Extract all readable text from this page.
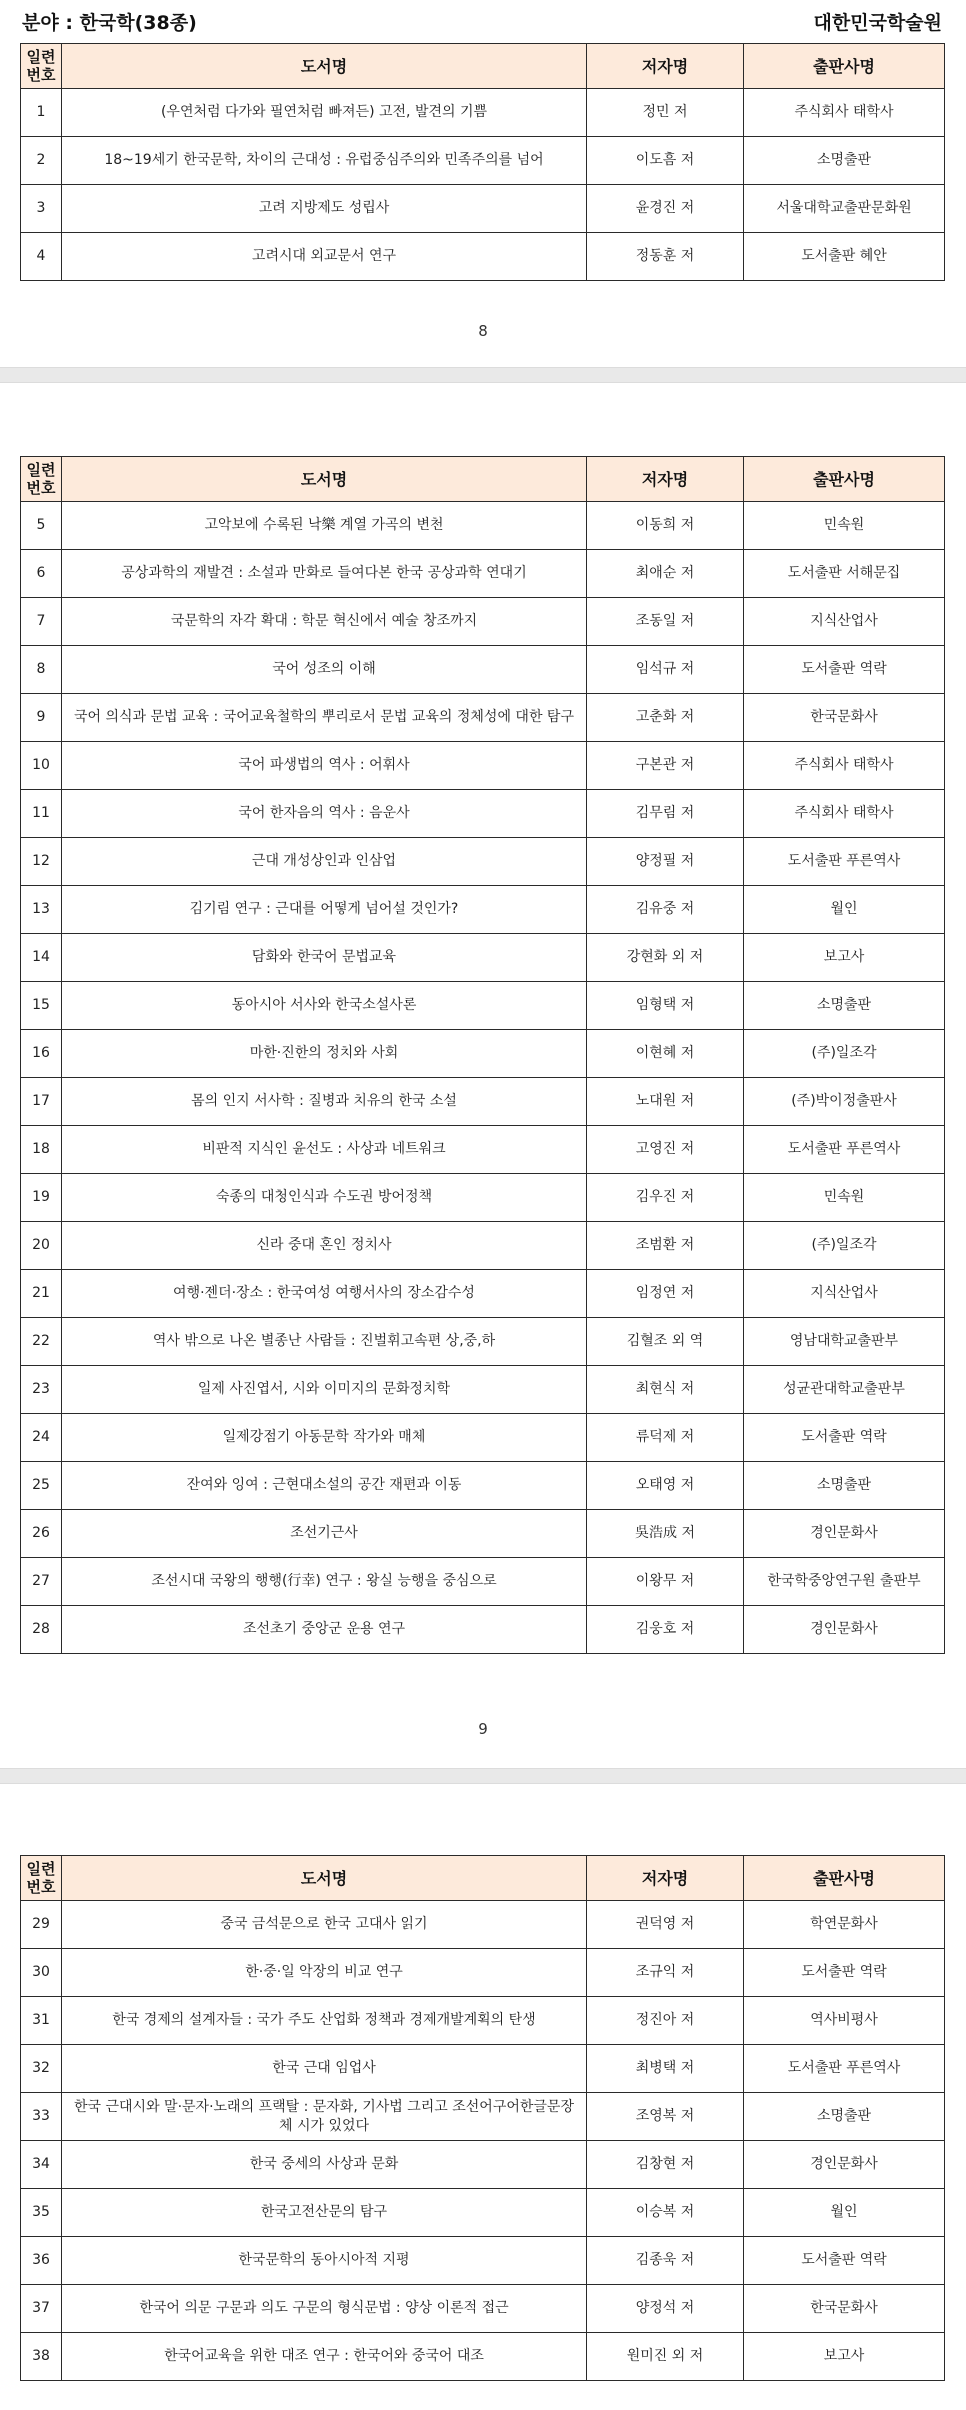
분야 : 한국학(38종)	대한민국학술원
일련
번호	도서명	저자명	출판사명
1	(우연처럼 다가와 필연처럼 빠져든) 고전, 발견의 기쁨	정민 저	주식회사 태학사
2	18~19세기 한국문학, 차이의 근대성 : 유럽중심주의와 민족주의를 넘어	이도흠 저	소명출판
3	고려 지방제도 성립사	윤경진 저	서울대학교출판문화원
4	고려시대 외교문서 연구	정동훈 저	도서출판 혜안
8
일련
번호	도서명	저자명	출판사명
5	고악보에 수록된 낙樂 계열 가곡의 변천	이동희 저	민속원
6	공상과학의 재발견 : 소설과 만화로 들여다본 한국 공상과학 연대기	최애순 저	도서출판 서해문집
7	국문학의 자각 확대 : 학문 혁신에서 예술 창조까지	조동일 저	지식산업사
8	국어 성조의 이해	임석규 저	도서출판 역락
9	국어 의식과 문법 교육 : 국어교육철학의 뿌리로서 문법 교육의 정체성에 대한 탐구	고춘화 저	한국문화사
10	국어 파생법의 역사 : 어휘사	구본관 저	주식회사 태학사
11	국어 한자음의 역사 : 음운사	김무림 저	주식회사 태학사
12	근대 개성상인과 인삼업	양정필 저	도서출판 푸른역사
13	김기림 연구 : 근대를 어떻게 넘어설 것인가?	김유중 저	월인
14	담화와 한국어 문법교육	강현화 외 저	보고사
15	동아시아 서사와 한국소설사론	임형택 저	소명출판
16	마한·진한의 정치와 사회	이현혜 저	(주)일조각
17	몸의 인지 서사학 : 질병과 치유의 한국 소설	노대원 저	(주)박이정출판사
18	비판적 지식인 윤선도 : 사상과 네트워크	고영진 저	도서출판 푸른역사
19	숙종의 대청인식과 수도권 방어정책	김우진 저	민속원
20	신라 중대 혼인 정치사	조범환 저	(주)일조각
21	여행·젠더·장소 : 한국여성 여행서사의 장소감수성	임정연 저	지식산업사
22	역사 밖으로 나온 별종난 사람들 : 진벌휘고속편 상,중,하	김혈조 외 역	영남대학교출판부
23	일제 사진엽서, 시와 이미지의 문화정치학	최현식 저	성균관대학교출판부
24	일제강점기 아동문학 작가와 매체	류덕제 저	도서출판 역락
25	잔여와 잉여 : 근현대소설의 공간 재편과 이동	오태영 저	소명출판
26	조선기근사	吳浩成 저	경인문화사
27	조선시대 국왕의 행행(行幸) 연구 : 왕실 능행을 중심으로	이왕무 저	한국학중앙연구원 출판부
28	조선초기 중앙군 운용 연구	김웅호 저	경인문화사
9
일련
번호	도서명	저자명	출판사명
29	중국 금석문으로 한국 고대사 읽기	권덕영 저	학연문화사
30	한·중·일 악장의 비교 연구	조규익 저	도서출판 역락
31	한국 경제의 설계자들 : 국가 주도 산업화 정책과 경제개발계획의 탄생	정진아 저	역사비평사
32	한국 근대 임업사	최병택 저	도서출판 푸른역사
33	한국 근대시와 말·문자·노래의 프랙탈 : 문자화, 기사법 그리고 조선어구어한글문장체 시가 있었다	조영복 저	소명출판
34	한국 중세의 사상과 문화	김창현 저	경인문화사
35	한국고전산문의 탐구	이승복 저	월인
36	한국문학의 동아시아적 지평	김종욱 저	도서출판 역락
37	한국어 의문 구문과 의도 구문의 형식문법 : 양상 이론적 접근	양정석 저	한국문화사
38	한국어교육을 위한 대조 연구 : 한국어와 중국어 대조	원미진 외 저	보고사
